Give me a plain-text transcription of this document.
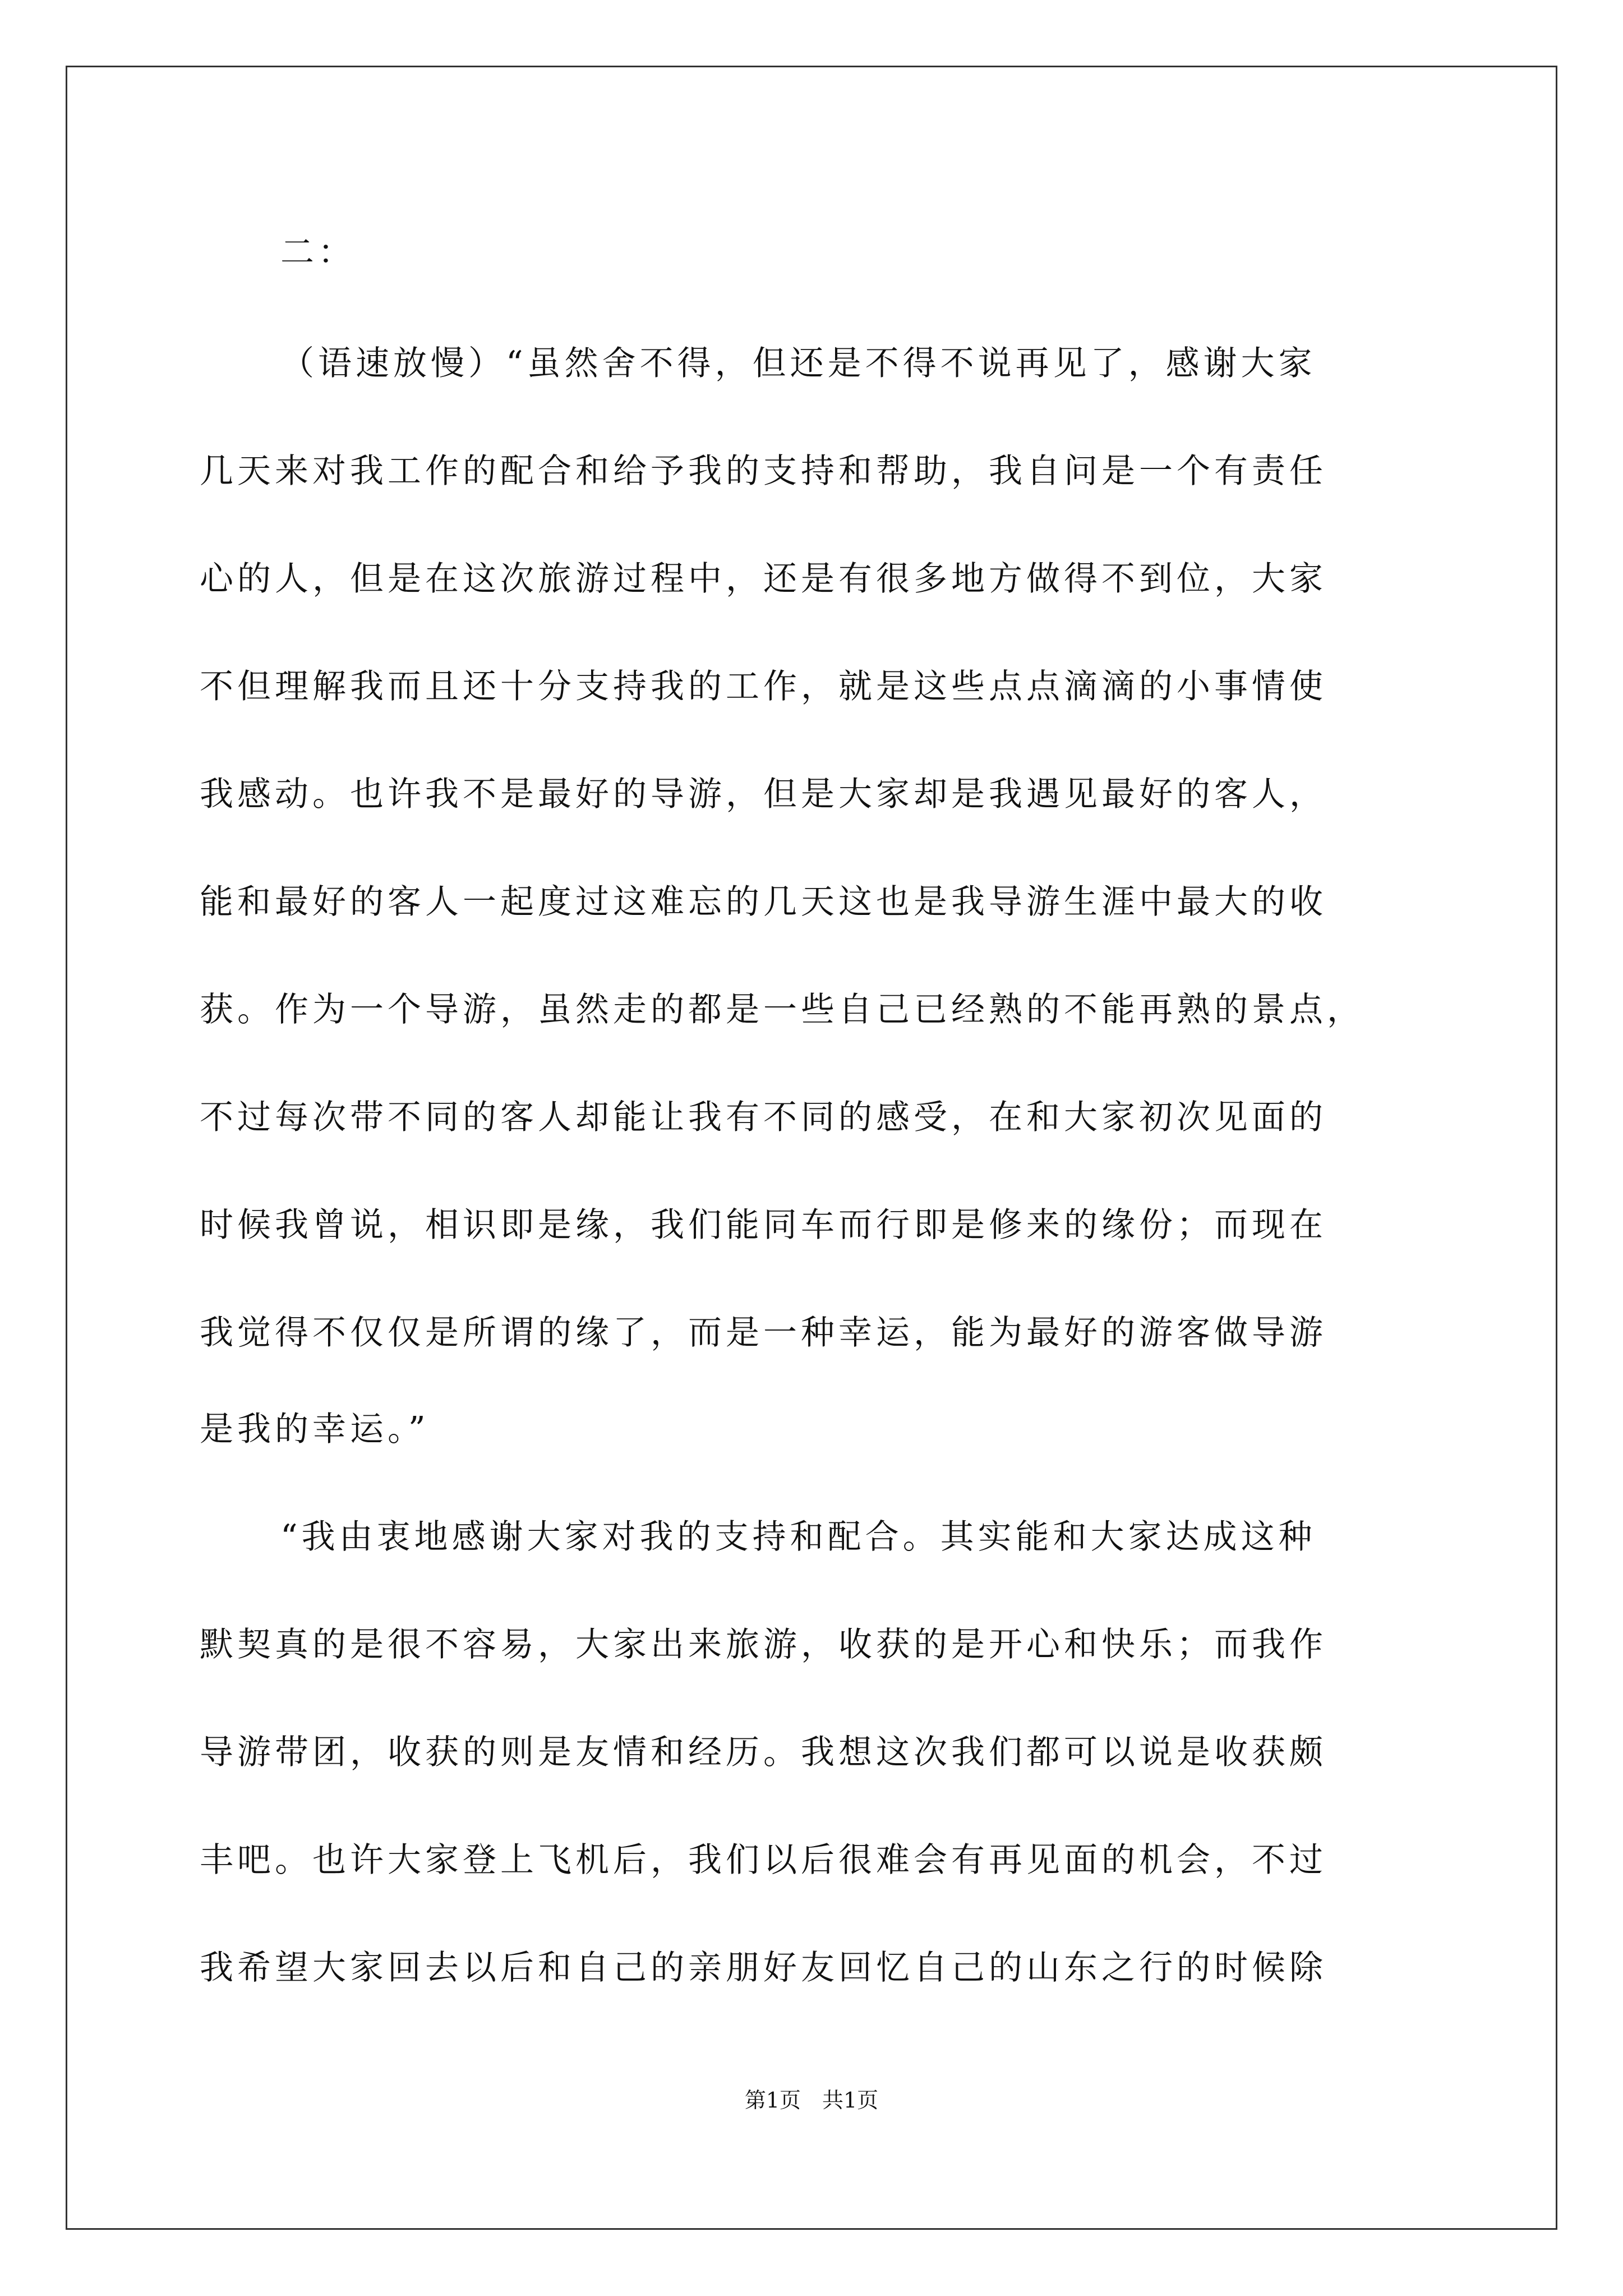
二：
（语速放慢）“虽然舍不得，但还是不得不说再见了，感谢大家
几天来对我工作的配合和给予我的支持和帮助，我自问是一个有责任
心的人，但是在这次旅游过程中，还是有很多地方做得不到位，大家
不但理解我而且还十分支持我的工作，就是这些点点滴滴的小事情使
我感动。也许我不是最好的导游，但是大家却是我遇见最好的客人，
能和最好的客人一起度过这难忘的几天这也是我导游生涯中最大的收
获。作为一个导游，虽然走的都是一些自己已经熟的不能再熟的景点，
不过每次带不同的客人却能让我有不同的感受，在和大家初次见面的
时候我曾说，相识即是缘，我们能同车而行即是修来的缘份；而现在
我觉得不仅仅是所谓的缘了，而是一种幸运，能为最好的游客做导游
是我的幸运。”
“我由衷地感谢大家对我的支持和配合。其实能和大家达成这种
默契真的是很不容易，大家出来旅游，收获的是开心和快乐；而我作
导游带团，收获的则是友情和经历。我想这次我们都可以说是收获颇
丰吧。也许大家登上飞机后，我们以后很难会有再见面的机会，不过
我希望大家回去以后和自己的亲朋好友回忆自己的山东之行的时候除
第1页　共1页
